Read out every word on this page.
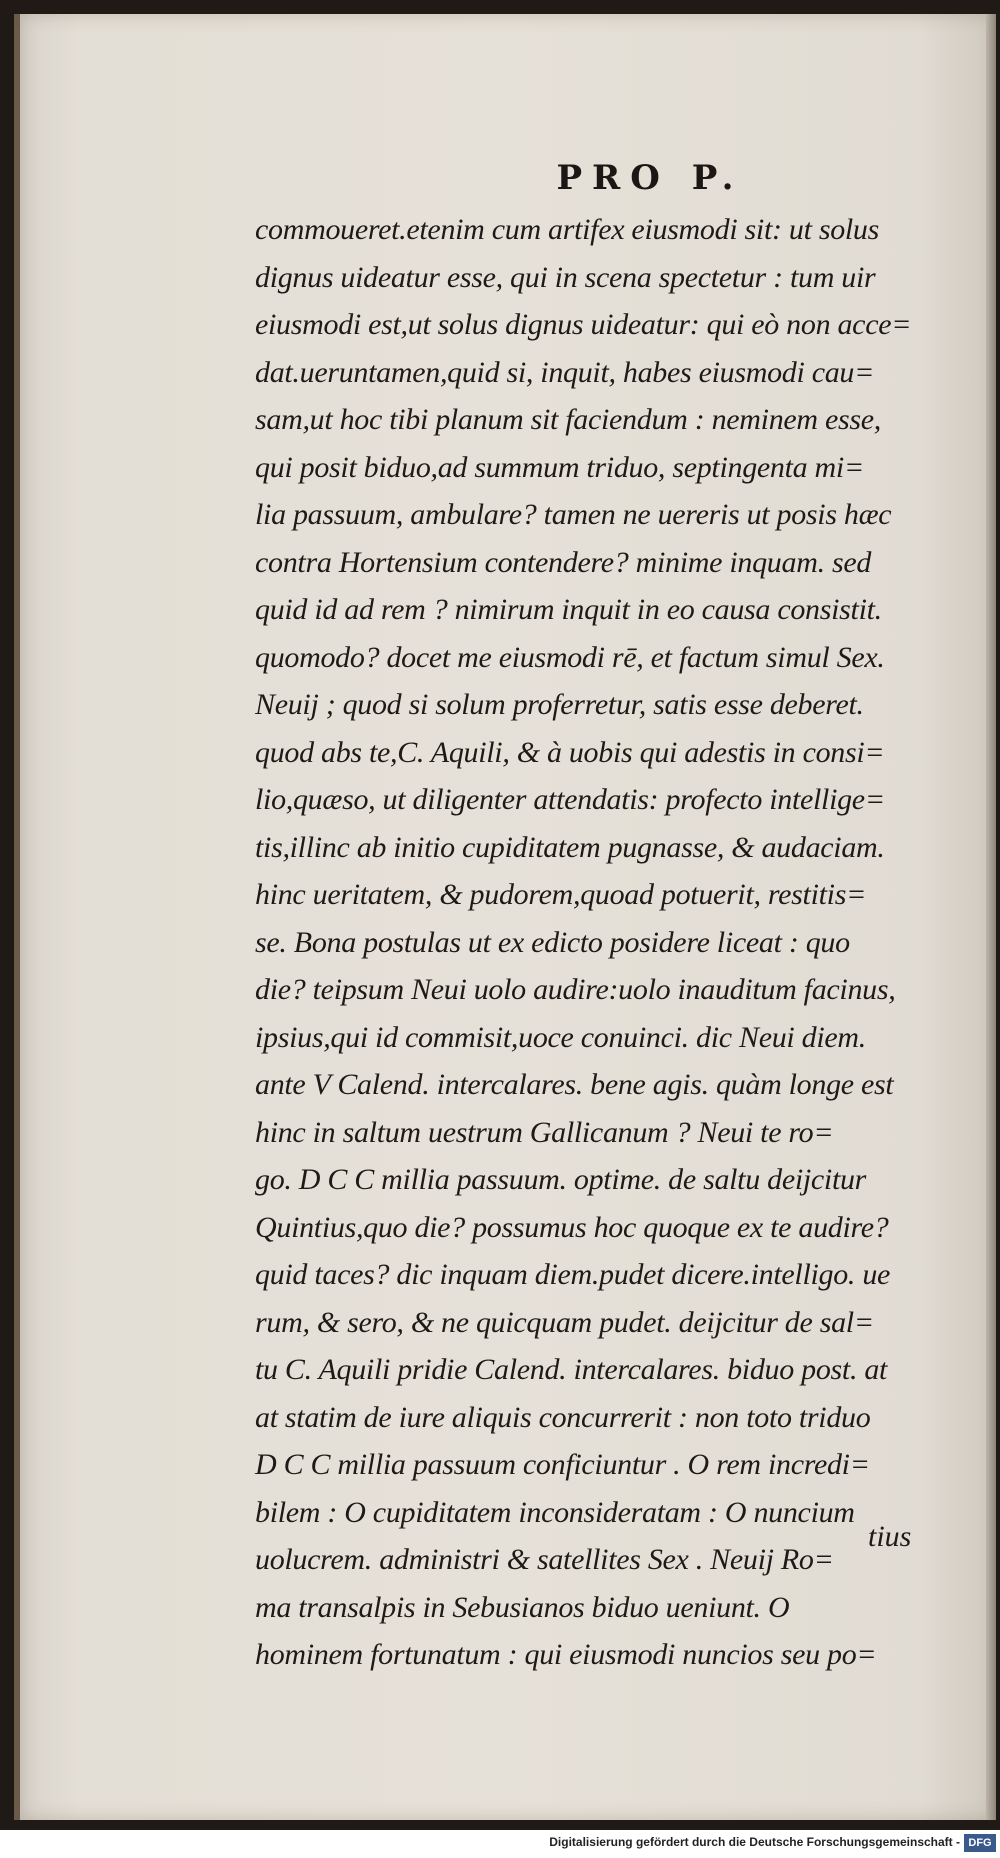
PRO P.
commoueret.etenim cum artifex eiusmodi sit: ut solus
dignus uideatur esse, qui in scena spectetur : tum uir
eiusmodi est,ut solus dignus uideatur: qui eò non acce=
dat.ueruntamen,quid si, inquit, habes eiusmodi cau=
sam,ut hoc tibi planum sit faciendum : neminem esse,
qui posit biduo,ad summum triduo, septingenta mi=
lia passuum, ambulare? tamen ne uereris ut posis hæc
contra Hortensium contendere? minime inquam. sed
quid id ad rem ? nimirum inquit in eo causa consistit.
quomodo? docet me eiusmodi rē, et factum simul Sex.
Neuij ; quod si solum proferretur, satis esse deberet.
quod abs te,C. Aquili, & à uobis qui adestis in consi=
lio,quæso, ut diligenter attendatis: profecto intellige=
tis,illinc ab initio cupiditatem pugnasse, & audaciam.
hinc ueritatem, & pudorem,quoad potuerit, restitis=
se. Bona postulas ut ex edicto posidere liceat : quo
die? teipsum Neui uolo audire:uolo inauditum facinus,
ipsius,qui id commisit,uoce conuinci. dic Neui diem.
ante V Calend. intercalares. bene agis. quàm longe est
hinc in saltum uestrum Gallicanum ? Neui te ro=
go. D C C millia passuum. optime. de saltu deijcitur
Quintius,quo die? possumus hoc quoque ex te audire?
quid taces? dic inquam diem.pudet dicere.intelligo. ue
rum, & sero, & ne quicquam pudet. deijcitur de sal=
tu C. Aquili pridie Calend. intercalares. biduo post. at
at statim de iure aliquis concurrerit : non toto triduo
D C C millia passuum conficiuntur . O rem incredi=
bilem : O cupiditatem inconsideratam : O nuncium
uolucrem. administri & satellites Sex . Neuij Ro=
ma transalpis in Sebusianos biduo ueniunt. O
hominem fortunatum : qui eiusmodi nuncios seu po=
tius
Digitalisierung gefördert durch die Deutsche Forschungsgemeinschaft - DFG
